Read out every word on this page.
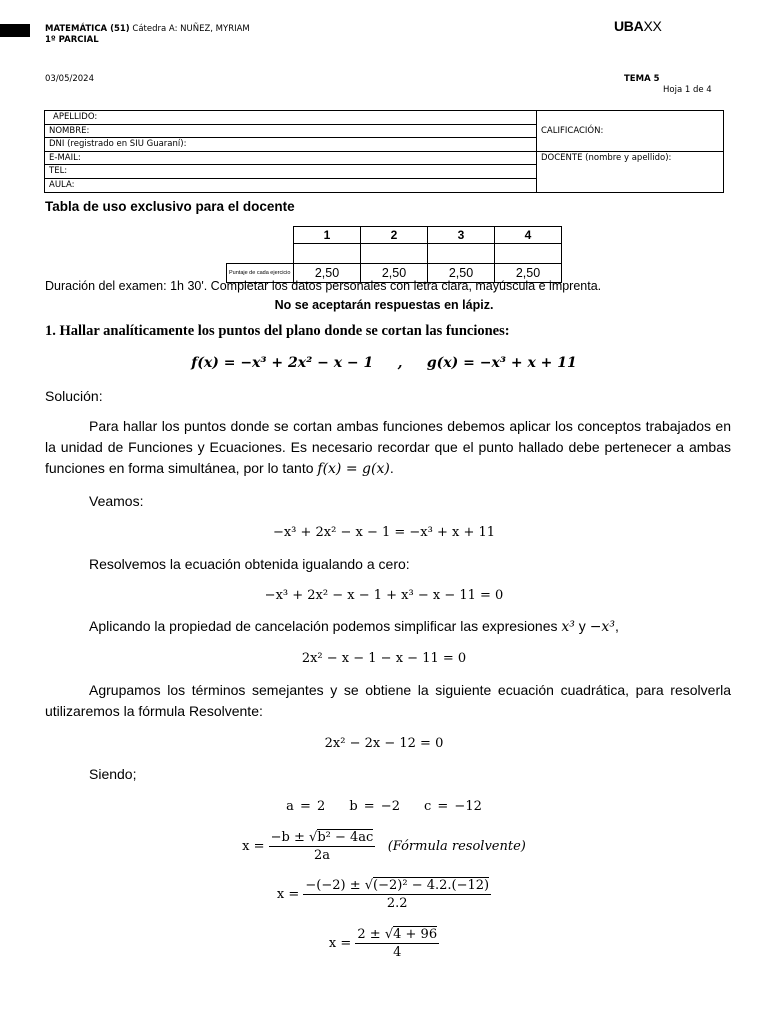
MATEMÁTICA (51) Cátedra A: NUÑEZ, MYRIAM
1º PARCIAL
UBAXX
03/05/2024	TEMA 5
Hoja 1 de 4
APELLIDO:	CALIFICACIÓN:
NOMBRE:	
DNI (registrado en SIU Guaraní):	
E-MAIL:	DOCENTE (nombre y apellido):
TEL:	
AULA:	
Tabla de uso exclusivo para el docente
	1	2	3	4

Puntaje de cada ejercicio	2,50	2,50	2,50	2,50
Duración del examen: 1h 30'. Completar los datos personales con letra clara, mayúscula e imprenta.
No se aceptarán respuestas en lápiz.
1. Hallar analíticamente los puntos del plano donde se cortan las funciones:
f(x) = −x³ + 2x² − x − 1     ,     g(x) = −x³ + x + 11
Solución:
Para hallar los puntos donde se cortan ambas funciones debemos aplicar los conceptos trabajados en la unidad de Funciones y Ecuaciones. Es necesario recordar que el punto hallado debe pertenecer a ambas funciones en forma simultánea, por lo tanto f(x) = g(x).
Veamos:
−x³ + 2x² − x − 1 = −x³ + x + 11
Resolvemos la ecuación obtenida igualando a cero:
−x³ + 2x² − x − 1 + x³ − x − 11 = 0
Aplicando la propiedad de cancelación podemos simplificar las expresiones x³ y −x³,
2x² − x − 1 − x − 11 = 0
Agrupamos los términos semejantes y se obtiene la siguiente ecuación cuadrática, para resolverla utilizaremos la fórmula Resolvente:
2x² − 2x − 12 = 0
Siendo;
a = 2 b = −2 c = −12
$x = \frac{\text{−b ± √b² − 4ac}}{2a}$ (Fórmula resolvente)
$x = \frac{\text{−(−2) ± √(−2)² − 4.2.(−12)}}{2.2}$
$x = \frac{2 \pm √4 + 96}{4}$
